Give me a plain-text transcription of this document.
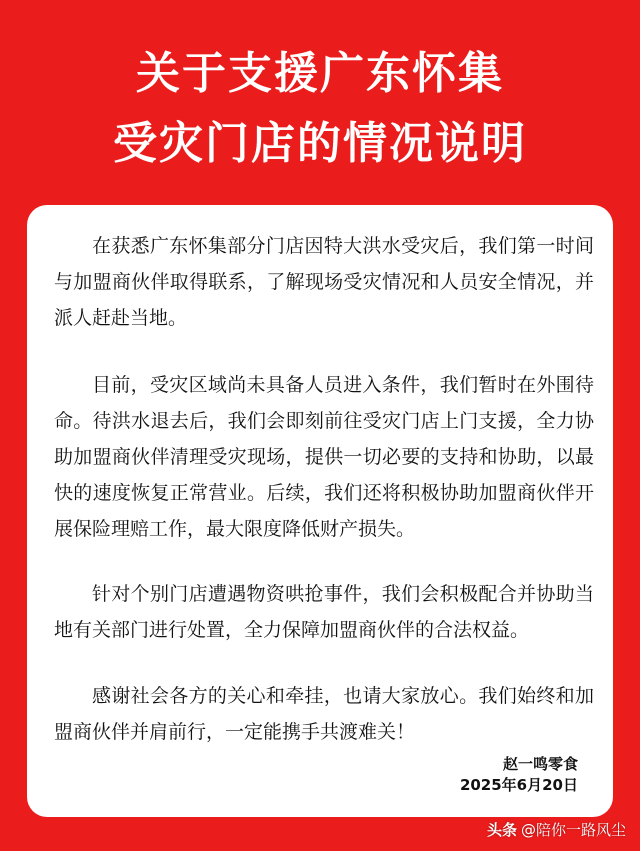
关于支援广东怀集
受灾门店的情况说明

在获悉广东怀集部分门店因特大洪水受灾后，我们第一时间与加盟商伙伴取得联系，了解现场受灾情况和人员安全情况，并派人赶赴当地。

目前，受灾区域尚未具备人员进入条件，我们暂时在外围待命。待洪水退去后，我们会即刻前往受灾门店上门支援，全力协助加盟商伙伴清理受灾现场，提供一切必要的支持和协助，以最快的速度恢复正常营业。后续，我们还将积极协助加盟商伙伴开展保险理赔工作，最大限度降低财产损失。

针对个别门店遭遇物资哄抢事件，我们会积极配合并协助当地有关部门进行处置，全力保障加盟商伙伴的合法权益。

感谢社会各方的关心和牵挂，也请大家放心。我们始终和加盟商伙伴并肩前行，一定能携手共渡难关！

赵一鸣零食
2025年6月20日
头条 @陪你一路风尘
